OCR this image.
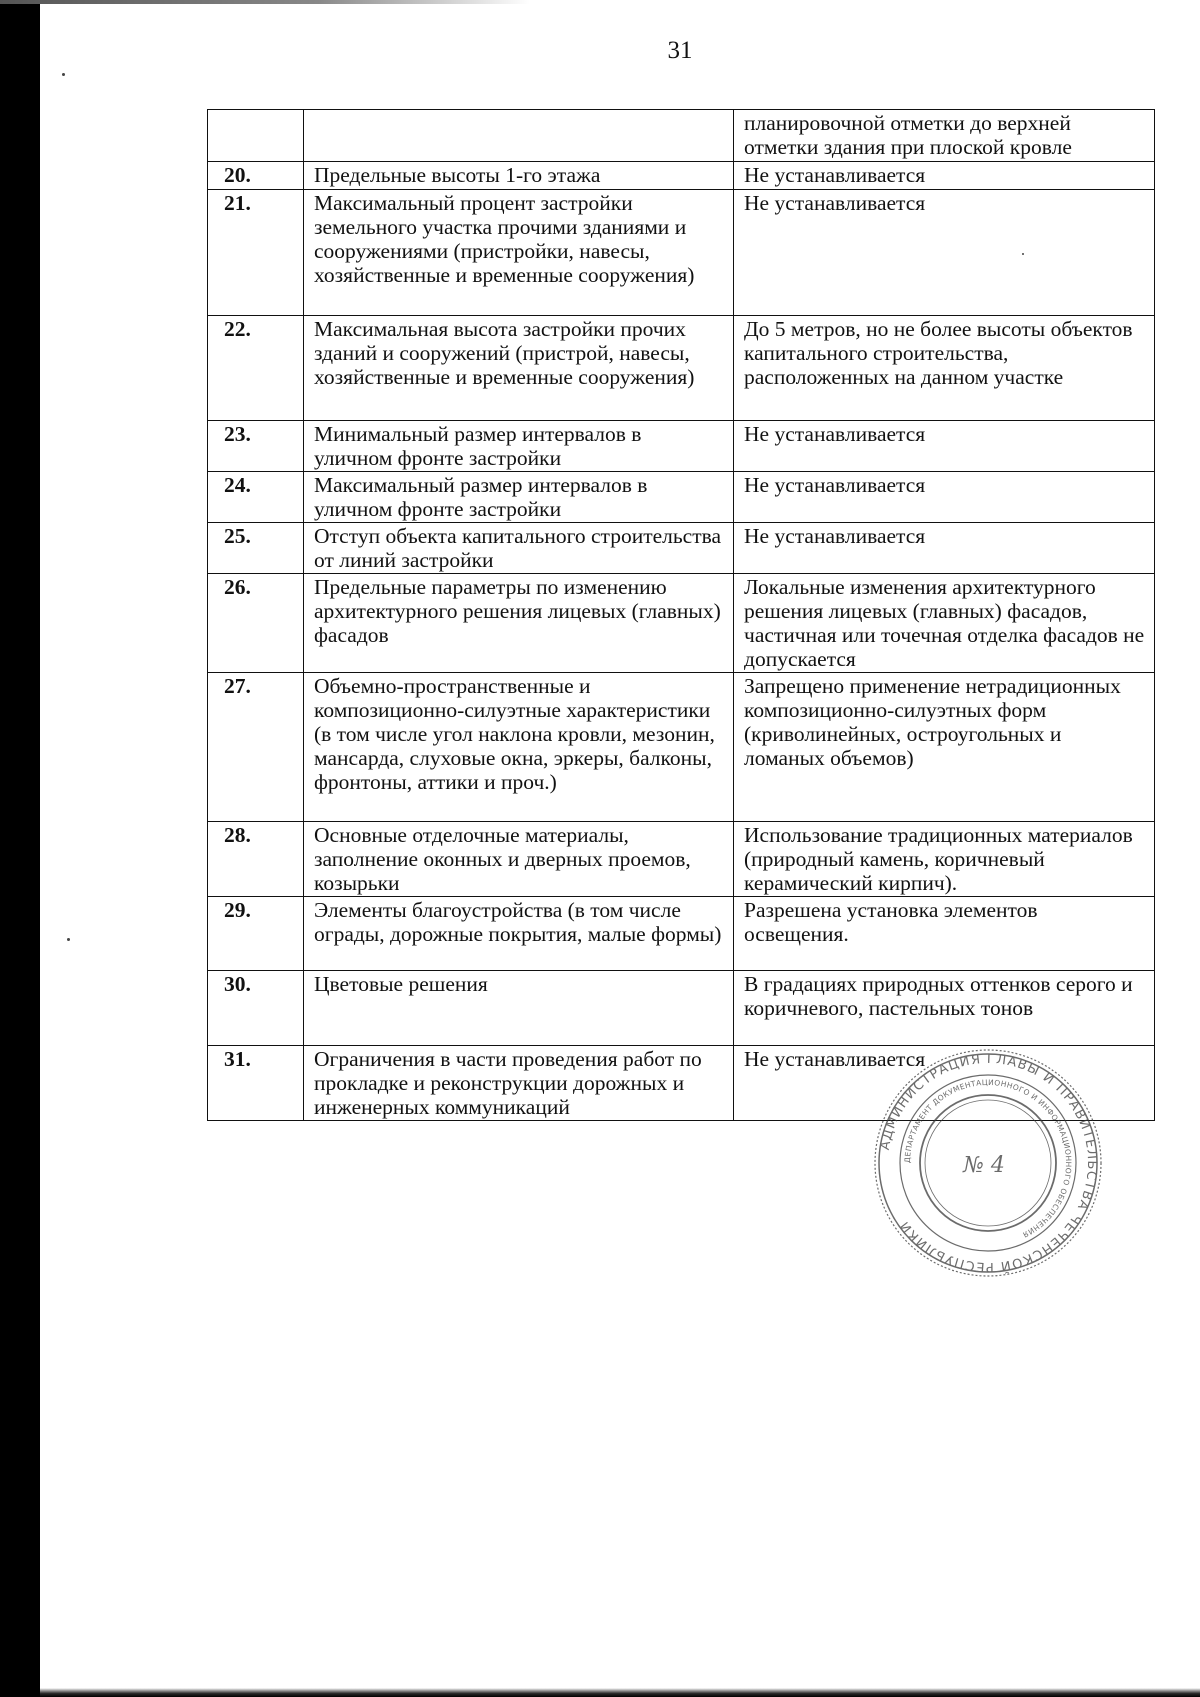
31
		планировочной отметки до верхней отметки здания при плоской кровле
20.	Предельные высоты 1-го этажа	Не устанавливается
21.	Максимальный процент застройки земельного участка прочими зданиями и сооружениями (пристройки, навесы, хозяйственные и временные сооружения)	Не устанавливается
22.	Максимальная высота застройки прочих зданий и сооружений (пристрой, навесы, хозяйственные и временные сооружения)	До 5 метров, но не более высоты объектов капитального строительства, расположенных на данном участке
23.	Минимальный размер интервалов в уличном фронте застройки	Не устанавливается
24.	Максимальный размер интервалов в уличном фронте застройки	Не устанавливается
25.	Отступ объекта капитального строительства от линий застройки	Не устанавливается
26.	Предельные параметры по изменению архитектурного решения лицевых (главных) фасадов	Локальные изменения архитектурного решения лицевых (главных) фасадов, частичная или точечная отделка фасадов не допускается
27.	Объемно-пространственные и композиционно-силуэтные характеристики (в том числе угол наклона кровли, мезонин, мансарда, слуховые окна, эркеры, балконы, фронтоны, аттики и проч.)	Запрещено применение нетрадиционных композиционно-силуэтных форм (криволинейных, остроугольных и ломаных объемов)
28.	Основные отделочные материалы, заполнение оконных и дверных проемов, козырьки	Использование традиционных материалов (природный камень, коричневый керамический кирпич).
29.	Элементы благоустройства (в том числе ограды, дорожные покрытия, малые формы)	Разрешена установка элементов освещения.
30.	Цветовые решения	В градациях природных оттенков серого и коричневого, пастельных тонов
31.	Ограничения в части проведения работ по прокладке и реконструкции дорожных и инженерных коммуникаций	Не устанавливается
АДМИНИСТРАЦИЯ ГЛАВЫ И ПРАВИТЕЛЬСТВА ЧЕЧЕНСКОЙ РЕСПУБЛИКИ
ДЕПАРТАМЕНТ ДОКУМЕНТАЦИОННОГО И ИНФОРМАЦИОННОГО ОБЕСПЕЧЕНИЯ
№ 4
